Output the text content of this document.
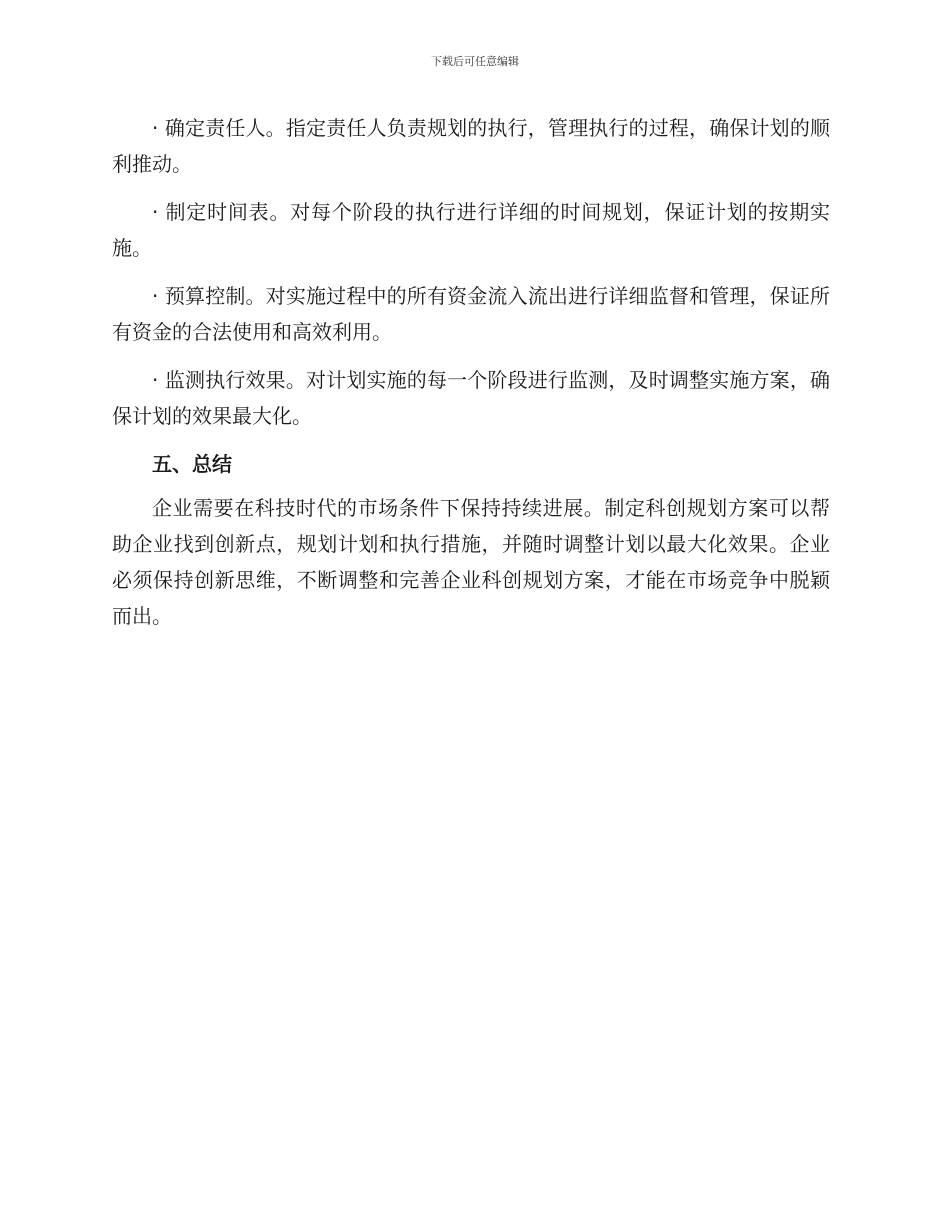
下载后可任意编辑

· 确定责任人。指定责任人负责规划的执行，管理执行的过程，确保计划的顺利推动。

· 制定时间表。对每个阶段的执行进行详细的时间规划，保证计划的按期实施。

· 预算控制。对实施过程中的所有资金流入流出进行详细监督和管理，保证所有资金的合法使用和高效利用。

· 监测执行效果。对计划实施的每一个阶段进行监测，及时调整实施方案，确保计划的效果最大化。

五、总结

企业需要在科技时代的市场条件下保持持续进展。制定科创规划方案可以帮助企业找到创新点，规划计划和执行措施，并随时调整计划以最大化效果。企业必须保持创新思维，不断调整和完善企业科创规划方案，才能在市场竞争中脱颖而出。
